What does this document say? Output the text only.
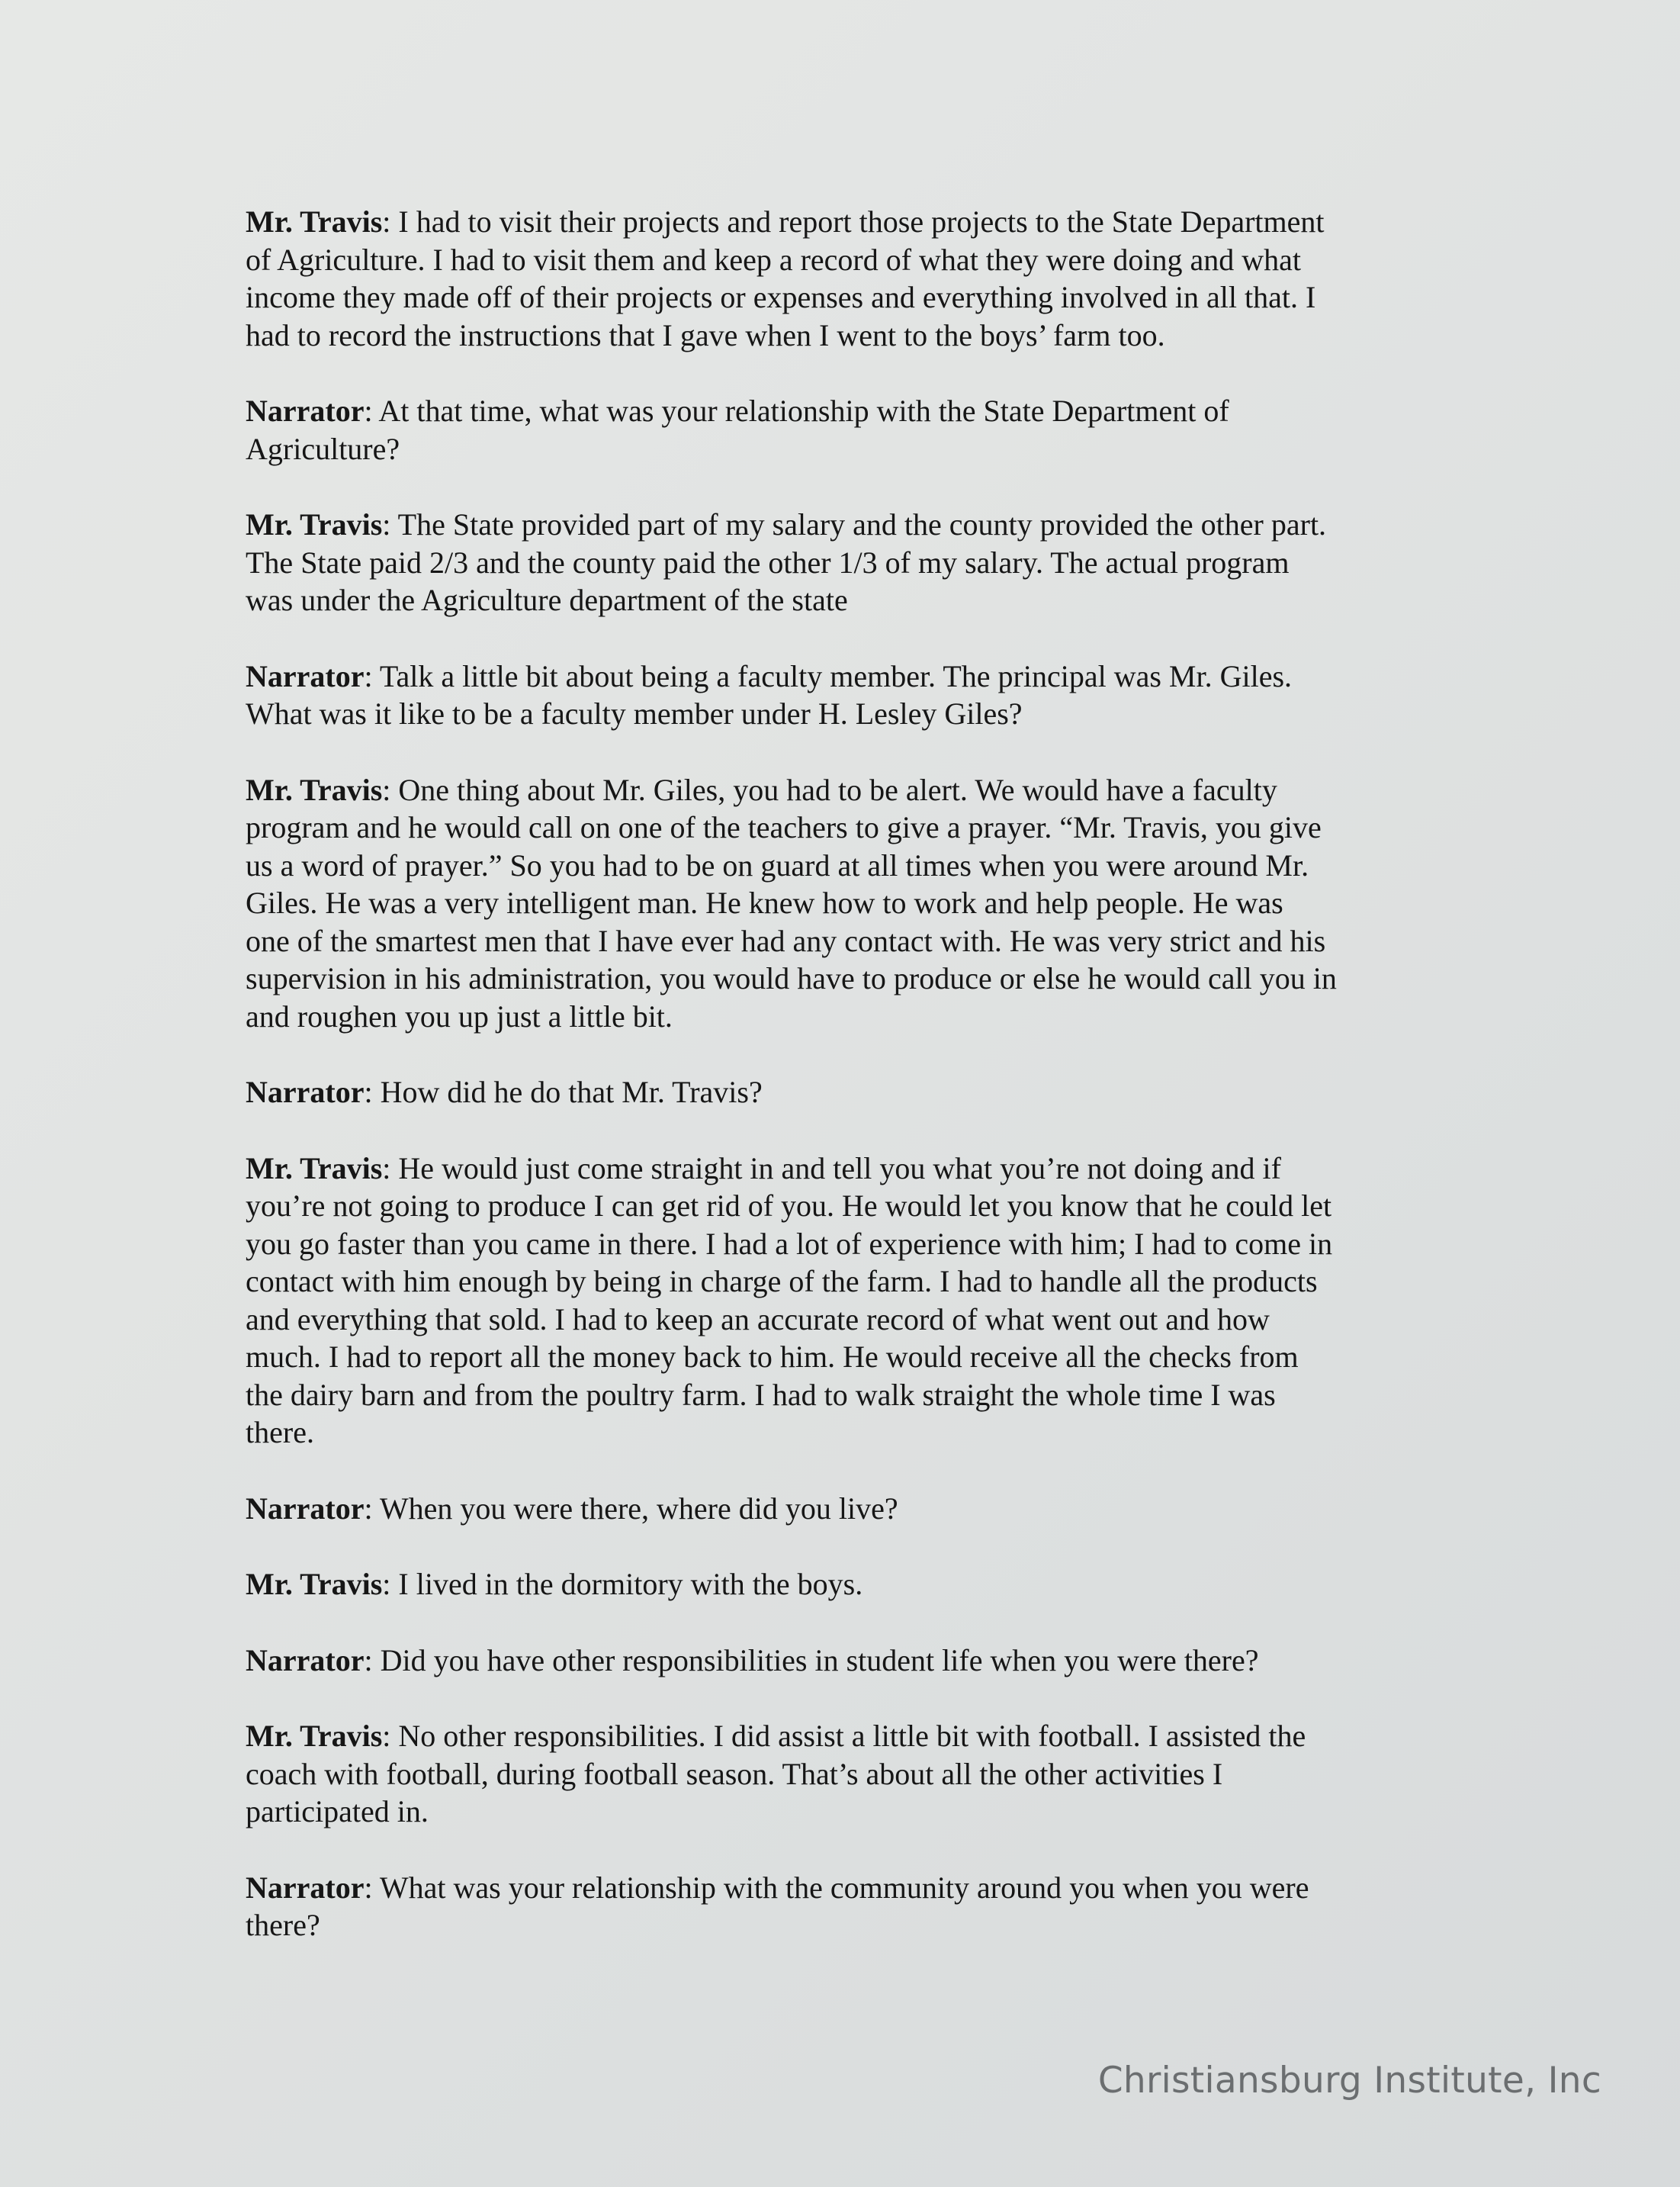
Mr. Travis: I had to visit their projects and report those projects to the State Department
of Agriculture. I had to visit them and keep a record of what they were doing and what
income they made off of their projects or expenses and everything involved in all that. I
had to record the instructions that I gave when I went to the boys’ farm too.

Narrator: At that time, what was your relationship with the State Department of
Agriculture?

Mr. Travis: The State provided part of my salary and the county provided the other part.
The State paid 2/3 and the county paid the other 1/3 of my salary. The actual program
was under the Agriculture department of the state

Narrator: Talk a little bit about being a faculty member. The principal was Mr. Giles.
What was it like to be a faculty member under H. Lesley Giles?

Mr. Travis: One thing about Mr. Giles, you had to be alert. We would have a faculty
program and he would call on one of the teachers to give a prayer. “Mr. Travis, you give
us a word of prayer.” So you had to be on guard at all times when you were around Mr.
Giles. He was a very intelligent man. He knew how to work and help people. He was
one of the smartest men that I have ever had any contact with. He was very strict and his
supervision in his administration, you would have to produce or else he would call you in
and roughen you up just a little bit.

Narrator: How did he do that Mr. Travis?

Mr. Travis: He would just come straight in and tell you what you’re not doing and if
you’re not going to produce I can get rid of you. He would let you know that he could let
you go faster than you came in there. I had a lot of experience with him; I had to come in
contact with him enough by being in charge of the farm. I had to handle all the products
and everything that sold. I had to keep an accurate record of what went out and how
much. I had to report all the money back to him. He would receive all the checks from
the dairy barn and from the poultry farm. I had to walk straight the whole time I was
there.

Narrator: When you were there, where did you live?

Mr. Travis: I lived in the dormitory with the boys.

Narrator: Did you have other responsibilities in student life when you were there?

Mr. Travis: No other responsibilities. I did assist a little bit with football. I assisted the
coach with football, during football season. That’s about all the other activities I
participated in.

Narrator: What was your relationship with the community around you when you were
there?

Christiansburg Institute, Inc
